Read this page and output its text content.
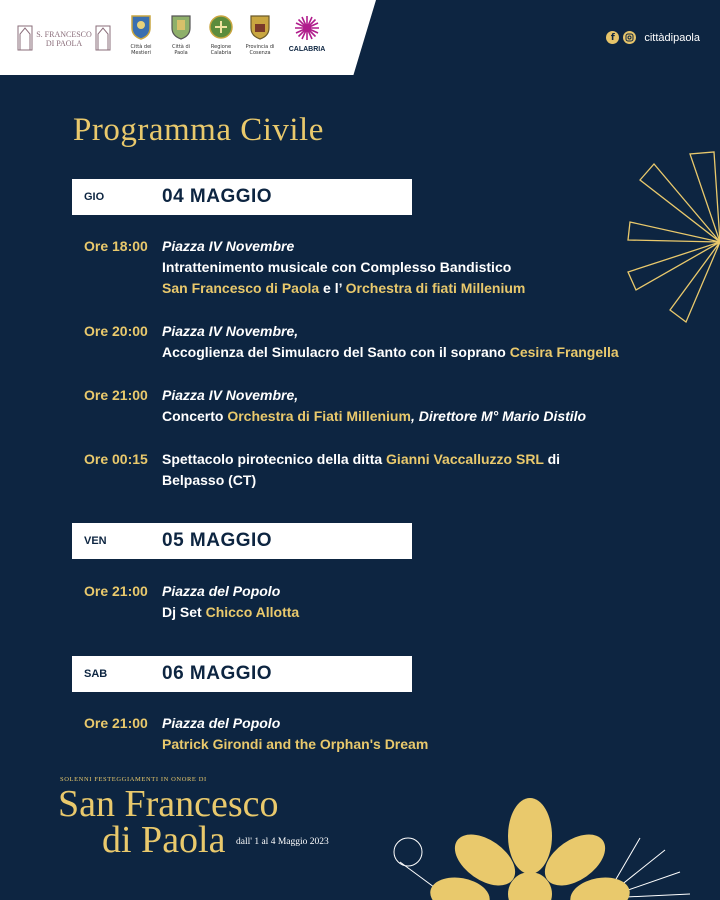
S. FRANCESCO DI PAOLA	Città dei Mestieri
Città di Paola
Regione Calabria
Provincia di Cosenza	CALABRIA
f	cittàdipaola
Programma Civile
GIO	04 MAGGIO
Ore 18:00	Piazza IV Novembre
Intrattenimento musicale con Complesso Bandistico
San Francesco di Paola e l’ Orchestra di fiati Millenium
Ore 20:00	Piazza IV Novembre,
Accoglienza del Simulacro del Santo con il soprano Cesira Frangella
Ore 21:00	Piazza IV Novembre,
Concerto Orchestra di Fiati Millenium, Direttore M° Mario Distilo
Ore 00:15	Spettacolo pirotecnico della ditta Gianni Vaccalluzzo SRL di
Belpasso (CT)
VEN	05 MAGGIO
Ore 21:00	Piazza del Popolo
Dj Set Chicco Allotta
SAB	06 MAGGIO
Ore 21:00	Piazza del Popolo
Patrick Girondi and the Orphan's Dream
SOLENNI FESTEGGIAMENTI IN ONORE DI
San Francesco
di Paola dall' 1 al 4 Maggio 2023
